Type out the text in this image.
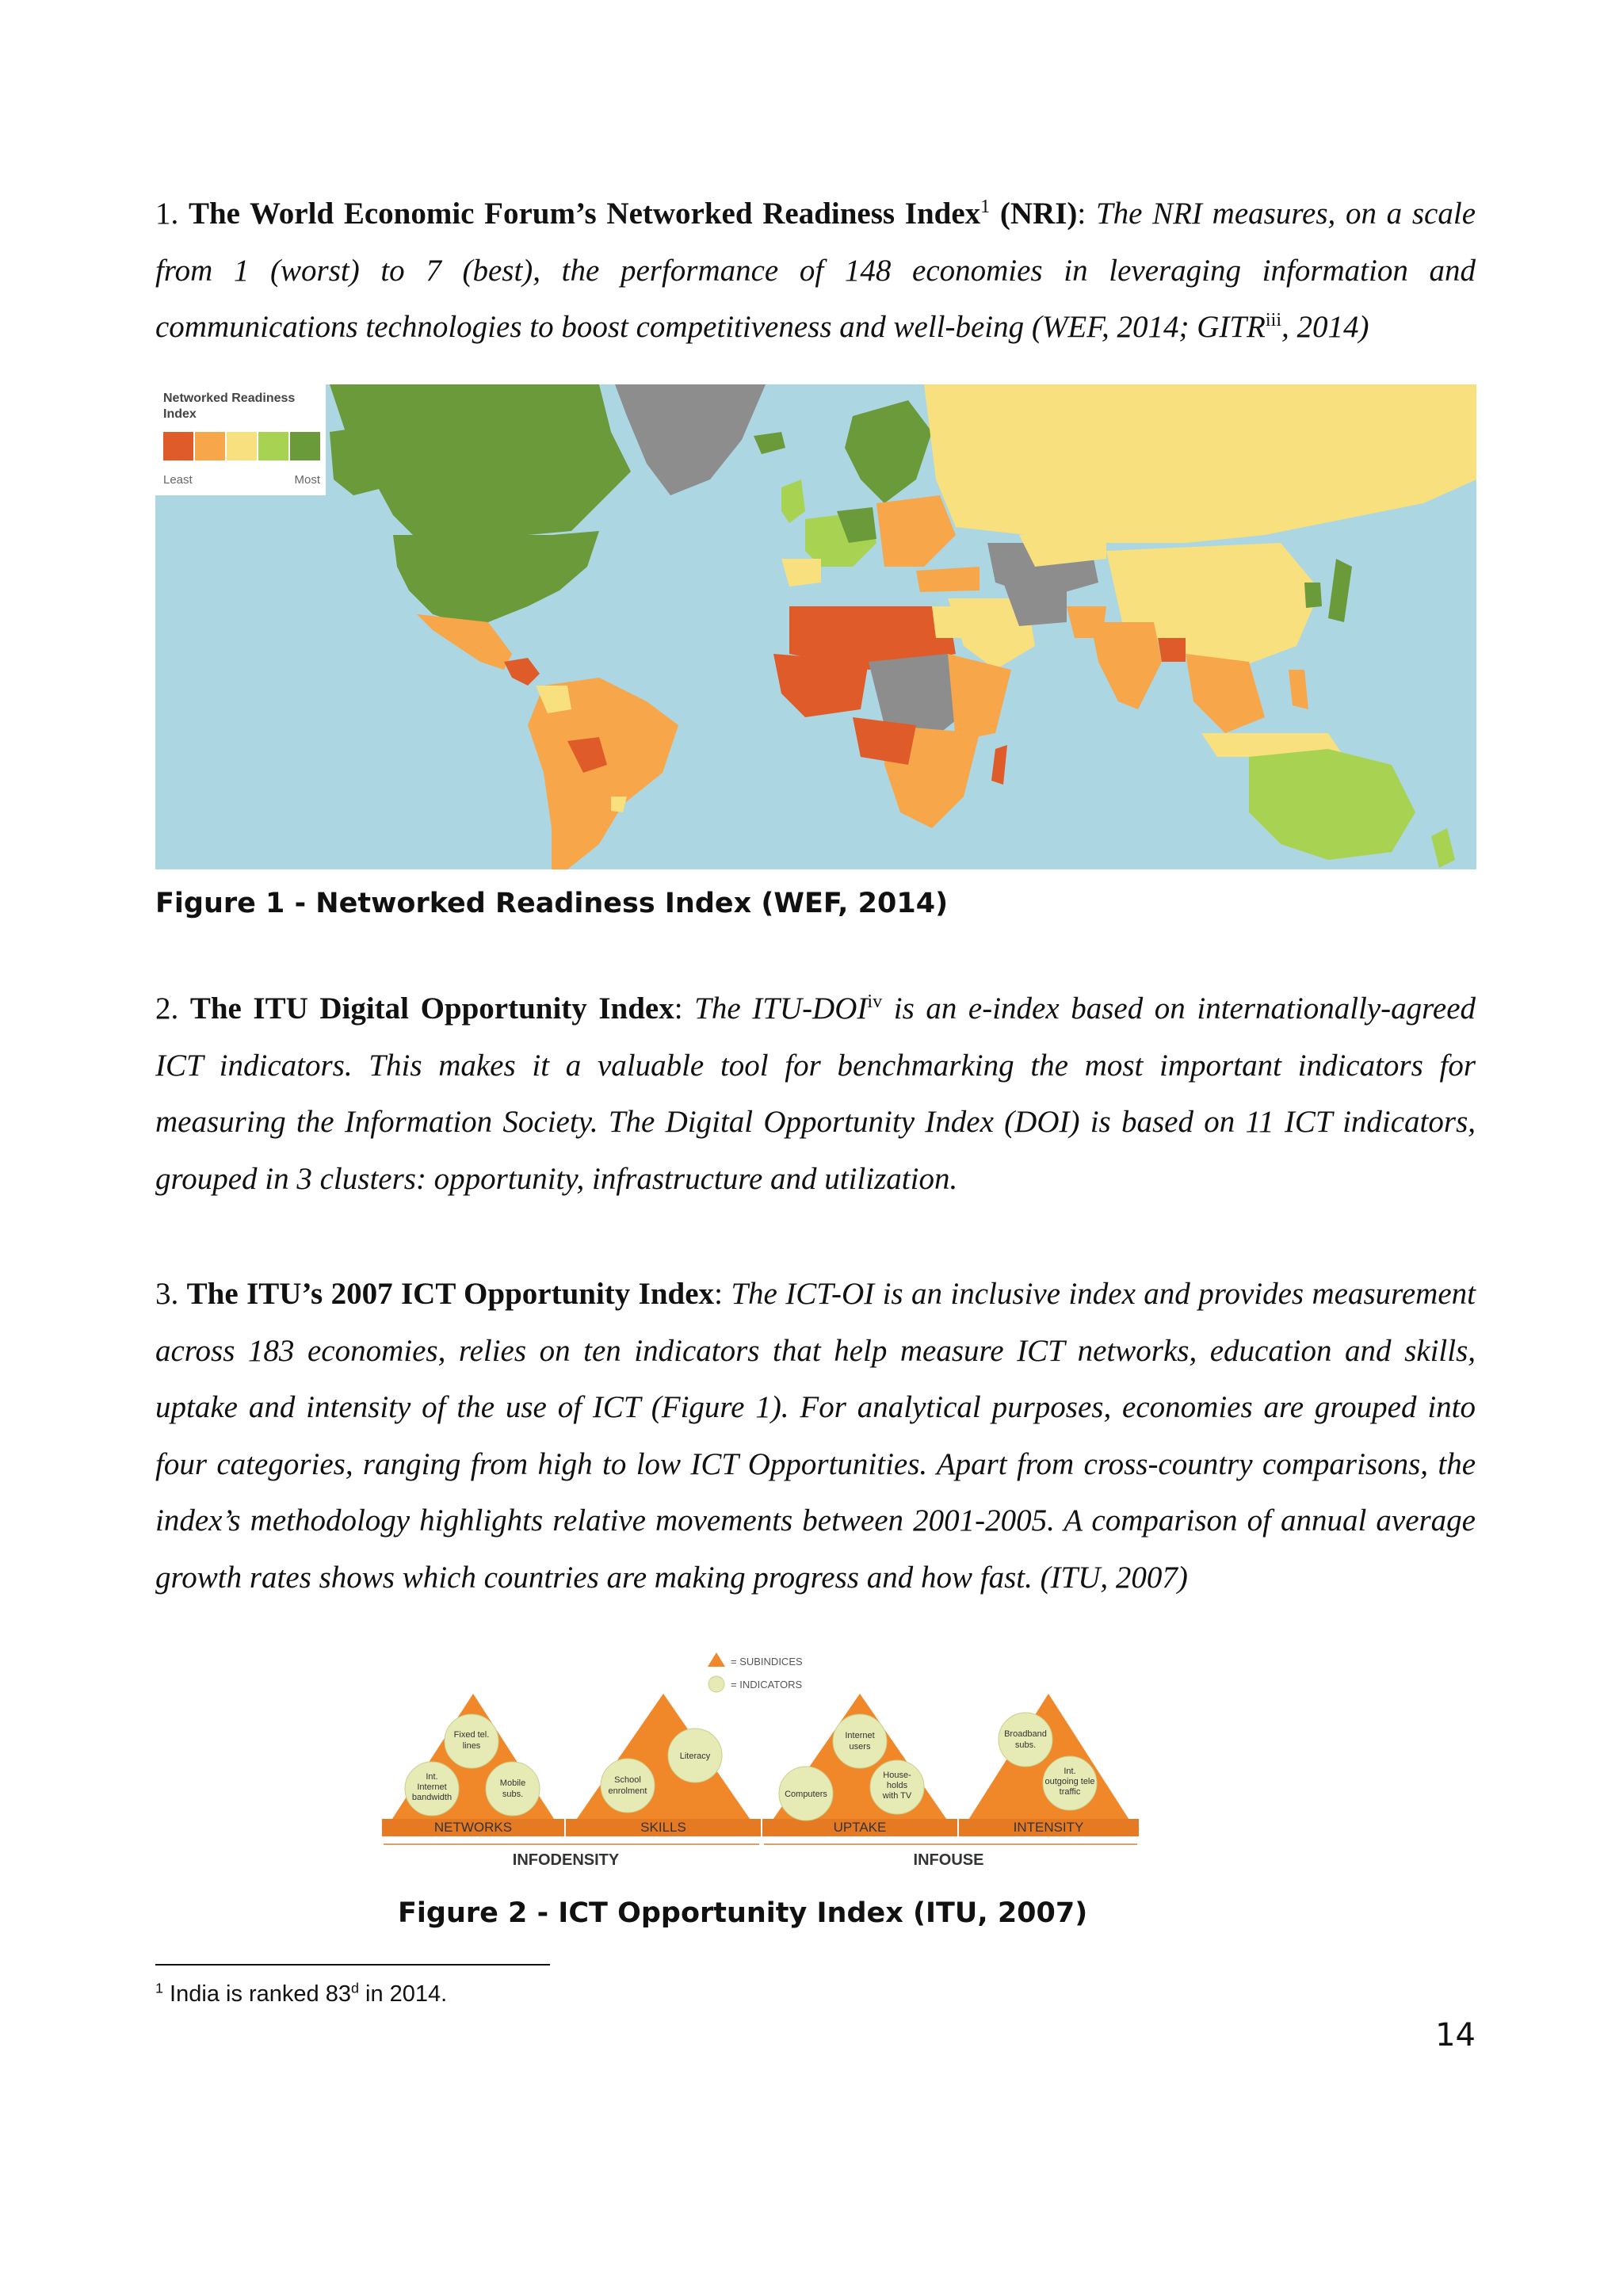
1. The World Economic Forum’s Networked Readiness Index$^1$ (NRI): The NRI measures, on a scale from 1 (worst) to 7 (best), the performance of 148 economies in leveraging information and communications technologies to boost competitiveness and well-being (WEF, 2014; GITR$^{iii}$, 2014)
Networked Readiness
Index
Least	Most
Figure 1 - Networked Readiness Index (WEF, 2014)
2. The ITU Digital Opportunity Index: The ITU-DOI$^{iv}$ is an e-index based on internationally-agreed ICT indicators. This makes it a valuable tool for benchmarking the most important indicators for measuring the Information Society. The Digital Opportunity Index (DOI) is based on 11 ICT indicators, grouped in 3 clusters: opportunity, infrastructure and utilization.
3. The ITU’s 2007 ICT Opportunity Index: The ICT-OI is an inclusive index and provides measurement across 183 economies, relies on ten indicators that help measure ICT networks, education and skills, uptake and intensity of the use of ICT (Figure 1). For analytical purposes, economies are grouped into four categories, ranging from high to low ICT Opportunities. Apart from cross-country comparisons, the index’s methodology highlights relative movements between 2001-2005. A comparison of annual average growth rates shows which countries are making progress and how fast. (ITU, 2007)
= SUBINDICES
= INDICATORS
NETWORKS	SKILLS	UPTAKE	INTENSITY
Fixed tel.
lines
Int.
Internet
bandwidth
Mobile
subs.
Literacy
School
enrolment
Internet
users
Computers
House-
holds
with TV
Broadband
subs.
Int.
outgoing tele
traffic
INFODENSITY	INFOUSE
Figure 2 - ICT Opportunity Index (ITU, 2007)
$^1$ India is ranked 83$^d$ in 2014.
14
